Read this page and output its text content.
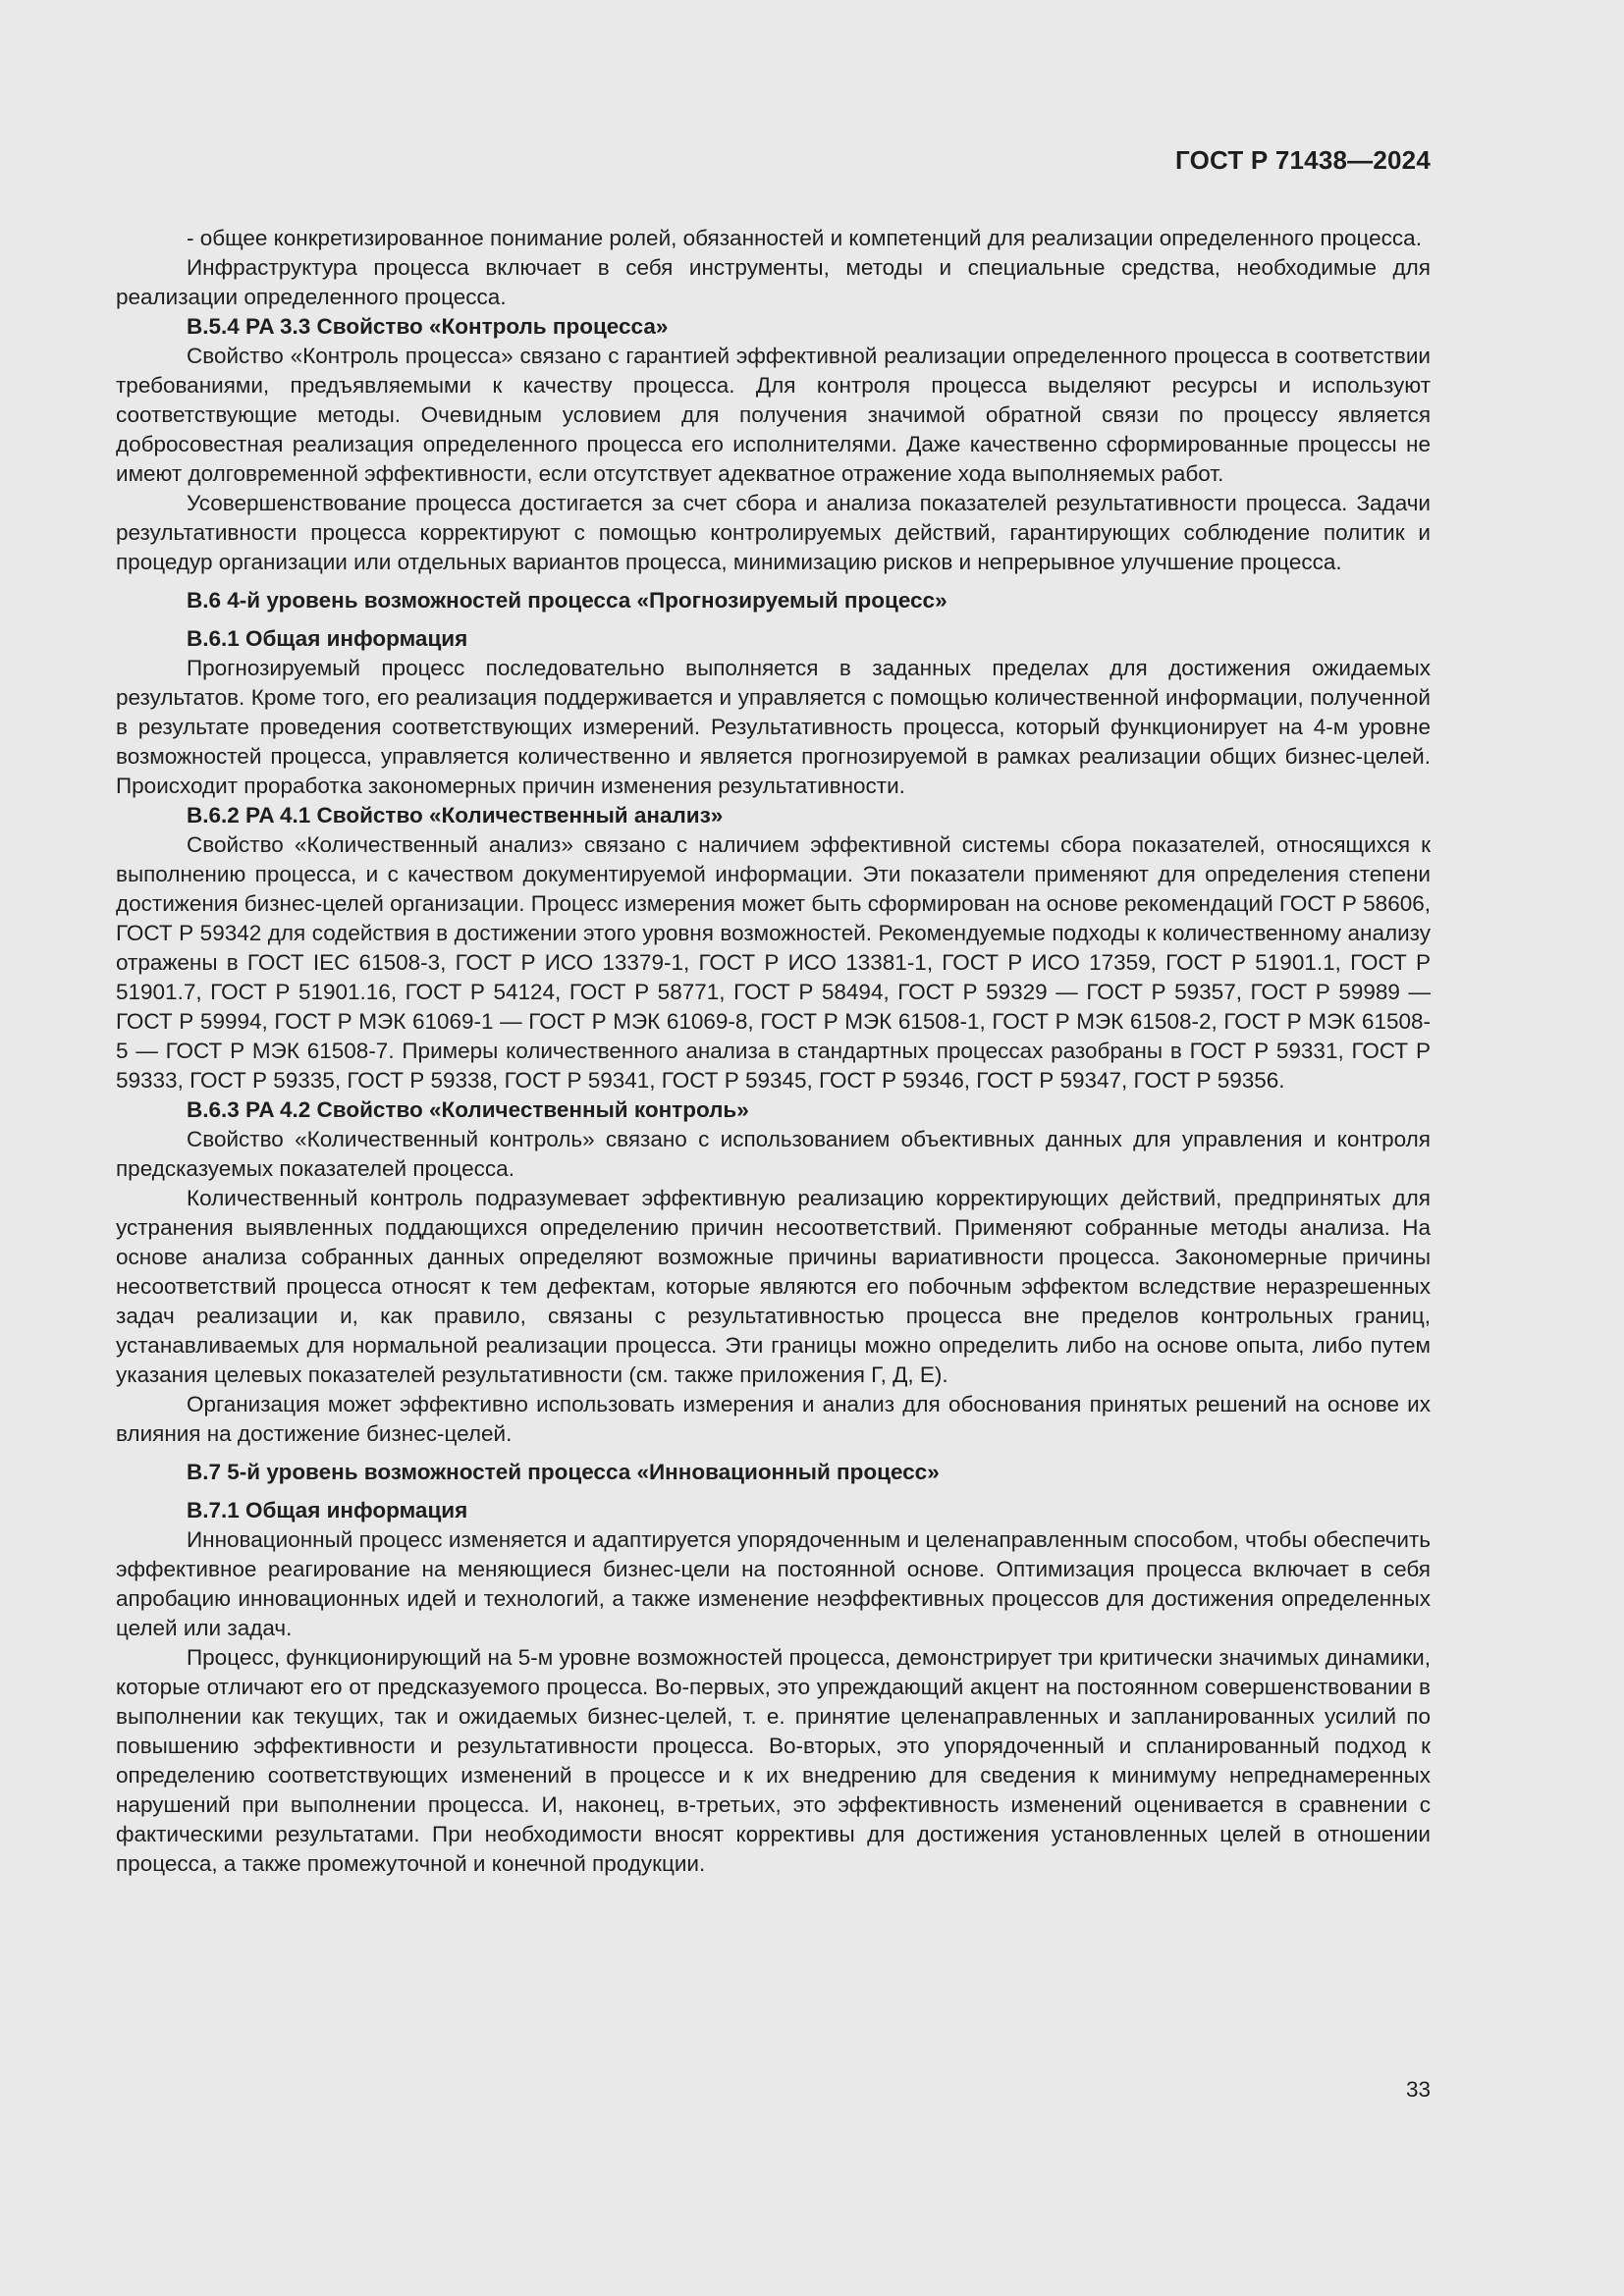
ГОСТ Р 71438—2024

- общее конкретизированное понимание ролей, обязанностей и компетенций для реализации определенного процесса.

Инфраструктура процесса включает в себя инструменты, методы и специальные средства, необходимые для реализации определенного процесса.

В.5.4 PA 3.3 Свойство «Контроль процесса»

Свойство «Контроль процесса» связано с гарантией эффективной реализации определенного процесса в соответствии требованиями, предъявляемыми к качеству процесса. Для контроля процесса выделяют ресурсы и используют соответствующие методы. Очевидным условием для получения значимой обратной связи по процессу является добросовестная реализация определенного процесса его исполнителями. Даже качественно сформированные процессы не имеют долговременной эффективности, если отсутствует адекватное отражение хода выполняемых работ.

Усовершенствование процесса достигается за счет сбора и анализа показателей результативности процесса. Задачи результативности процесса корректируют с помощью контролируемых действий, гарантирующих соблюдение политик и процедур организации или отдельных вариантов процесса, минимизацию рисков и непрерывное улучшение процесса.

В.6 4-й уровень возможностей процесса «Прогнозируемый процесс»
В.6.1 Общая информация

Прогнозируемый процесс последовательно выполняется в заданных пределах для достижения ожидаемых результатов. Кроме того, его реализация поддерживается и управляется с помощью количественной информации, полученной в результате проведения соответствующих измерений. Результативность процесса, который функционирует на 4-м уровне возможностей процесса, управляется количественно и является прогнозируемой в рамках реализации общих бизнес-целей. Происходит проработка закономерных причин изменения результативности.

В.6.2 PA 4.1 Свойство «Количественный анализ»

Свойство «Количественный анализ» связано с наличием эффективной системы сбора показателей, относящихся к выполнению процесса, и с качеством документируемой информации. Эти показатели применяют для определения степени достижения бизнес-целей организации. Процесс измерения может быть сформирован на основе рекомендаций ГОСТ Р 58606, ГОСТ Р 59342 для содействия в достижении этого уровня возможностей. Рекомендуемые подходы к количественному анализу отражены в ГОСТ IEC 61508-3, ГОСТ Р ИСО 13379-1, ГОСТ Р ИСО 13381-1, ГОСТ Р ИСО 17359, ГОСТ Р 51901.1, ГОСТ Р 51901.7, ГОСТ Р 51901.16, ГОСТ Р 54124, ГОСТ Р 58771, ГОСТ Р 58494, ГОСТ Р 59329 — ГОСТ Р 59357, ГОСТ Р 59989 — ГОСТ Р 59994, ГОСТ Р МЭК 61069-1 — ГОСТ Р МЭК 61069-8, ГОСТ Р МЭК 61508-1, ГОСТ Р МЭК 61508-2, ГОСТ Р МЭК 61508-5 — ГОСТ Р МЭК 61508-7. Примеры количественного анализа в стандартных процессах разобраны в ГОСТ Р 59331, ГОСТ Р 59333, ГОСТ Р 59335, ГОСТ Р 59338, ГОСТ Р 59341, ГОСТ Р 59345, ГОСТ Р 59346, ГОСТ Р 59347, ГОСТ Р 59356.

В.6.3 PA 4.2 Свойство «Количественный контроль»

Свойство «Количественный контроль» связано с использованием объективных данных для управления и контроля предсказуемых показателей процесса.

Количественный контроль подразумевает эффективную реализацию корректирующих действий, предпринятых для устранения выявленных поддающихся определению причин несоответствий. Применяют собранные методы анализа. На основе анализа собранных данных определяют возможные причины вариативности процесса. Закономерные причины несоответствий процесса относят к тем дефектам, которые являются его побочным эффектом вследствие неразрешенных задач реализации и, как правило, связаны с результативностью процесса вне пределов контрольных границ, устанавливаемых для нормальной реализации процесса. Эти границы можно определить либо на основе опыта, либо путем указания целевых показателей результативности (см. также приложения Г, Д, Е).

Организация может эффективно использовать измерения и анализ для обоснования принятых решений на основе их влияния на достижение бизнес-целей.

В.7 5-й уровень возможностей процесса «Инновационный процесс»
В.7.1 Общая информация

Инновационный процесс изменяется и адаптируется упорядоченным и целенаправленным способом, чтобы обеспечить эффективное реагирование на меняющиеся бизнес-цели на постоянной основе. Оптимизация процесса включает в себя апробацию инновационных идей и технологий, а также изменение неэффективных процессов для достижения определенных целей или задач.

Процесс, функционирующий на 5-м уровне возможностей процесса, демонстрирует три критически значимых динамики, которые отличают его от предсказуемого процесса. Во-первых, это упреждающий акцент на постоянном совершенствовании в выполнении как текущих, так и ожидаемых бизнес-целей, т. е. принятие целенаправленных и запланированных усилий по повышению эффективности и результативности процесса. Во-вторых, это упорядоченный и спланированный подход к определению соответствующих изменений в процессе и к их внедрению для сведения к минимуму непреднамеренных нарушений при выполнении процесса. И, наконец, в-третьих, это эффективность изменений оценивается в сравнении с фактическими результатами. При необходимости вносят коррективы для достижения установленных целей в отношении процесса, а также промежуточной и конечной продукции.

33
